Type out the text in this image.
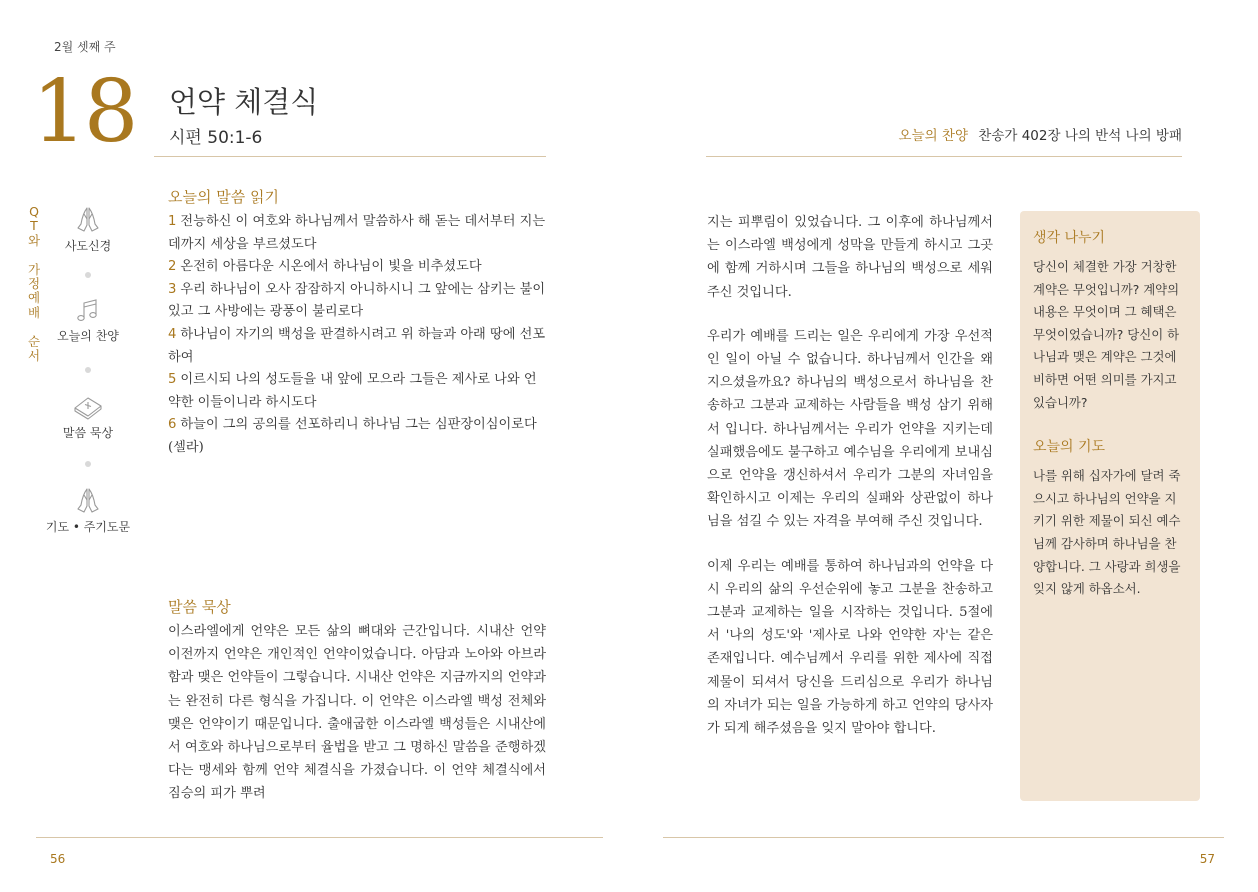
2월 셋째 주
18 언약 체결식
시편 50:1-6	오늘의 찬양 찬송가 402장 나의 반석 나의 방패
Q
T
와

가
정
예
배

순
서
사도신경
오늘의 찬양
말씀 묵상
기도 • 주기도문
오늘의 말씀 읽기

1 전능하신 이 여호와 하나님께서 말씀하사 해 돋는 데서부터 지는 데까지 세상을 부르셨도다

2 온전히 아름다운 시온에서 하나님이 빛을 비추셨도다

3 우리 하나님이 오사 잠잠하지 아니하시니 그 앞에는 삼키는 불이 있고 그 사방에는 광풍이 불리로다

4 하나님이 자기의 백성을 판결하시려고 위 하늘과 아래 땅에 선포하여

5 이르시되 나의 성도들을 내 앞에 모으라 그들은 제사로 나와 언약한 이들이니라 하시도다

6 하늘이 그의 공의를 선포하리니 하나님 그는 심판장이심이로다 (셀라)

말씀 묵상
이스라엘에게 언약은 모든 삶의 뼈대와 근간입니다. 시내산 언약 이전까지 언약은 개인적인 언약이었습니다. 아담과 노아와 아브라함과 맺은 언약들이 그렇습니다. 시내산 언약은 지금까지의 언약과는 완전히 다른 형식을 가집니다. 이 언약은 이스라엘 백성 전체와 맺은 언약이기 때문입니다. 출애굽한 이스라엘 백성들은 시내산에서 여호와 하나님으로부터 율법을 받고 그 명하신 말씀을 준행하겠다는 맹세와 함께 언약 체결식을 가졌습니다. 이 언약 체결식에서 짐승의 피가 뿌려

지는 피뿌림이 있었습니다. 그 이후에 하나님께서는 이스라엘 백성에게 성막을 만들게 하시고 그곳에 함께 거하시며 그들을 하나님의 백성으로 세워주신 것입니다.

우리가 예배를 드리는 일은 우리에게 가장 우선적인 일이 아닐 수 없습니다. 하나님께서 인간을 왜 지으셨을까요? 하나님의 백성으로서 하나님을 찬송하고 그분과 교제하는 사람들을 백성 삼기 위해서 입니다. 하나님께서는 우리가 언약을 지키는데 실패했음에도 불구하고 예수님을 우리에게 보내심으로 언약을 갱신하셔서 우리가 그분의 자녀임을 확인하시고 이제는 우리의 실패와 상관없이 하나님을 섬길 수 있는 자격을 부여해 주신 것입니다.

이제 우리는 예배를 통하여 하나님과의 언약을 다시 우리의 삶의 우선순위에 놓고 그분을 찬송하고 그분과 교제하는 일을 시작하는 것입니다. 5절에서 '나의 성도'와 '제사로 나와 언약한 자'는 같은 존재입니다. 예수님께서 우리를 위한 제사에 직접 제물이 되셔서 당신을 드리심으로 우리가 하나님의 자녀가 되는 일을 가능하게 하고 언약의 당사자가 되게 해주셨음을 잊지 말아야 합니다.

생각 나누기

당신이 체결한 가장 거창한 계약은 무엇입니까? 계약의 내용은 무엇이며 그 혜택은 무엇이었습니까? 당신이 하나님과 맺은 계약은 그것에 비하면 어떤 의미를 가지고 있습니까?

오늘의 기도

나를 위해 십자가에 달려 죽으시고 하나님의 언약을 지키기 위한 제물이 되신 예수님께 감사하며 하나님을 찬양합니다. 그 사랑과 희생을 잊지 않게 하옵소서.

56	57
